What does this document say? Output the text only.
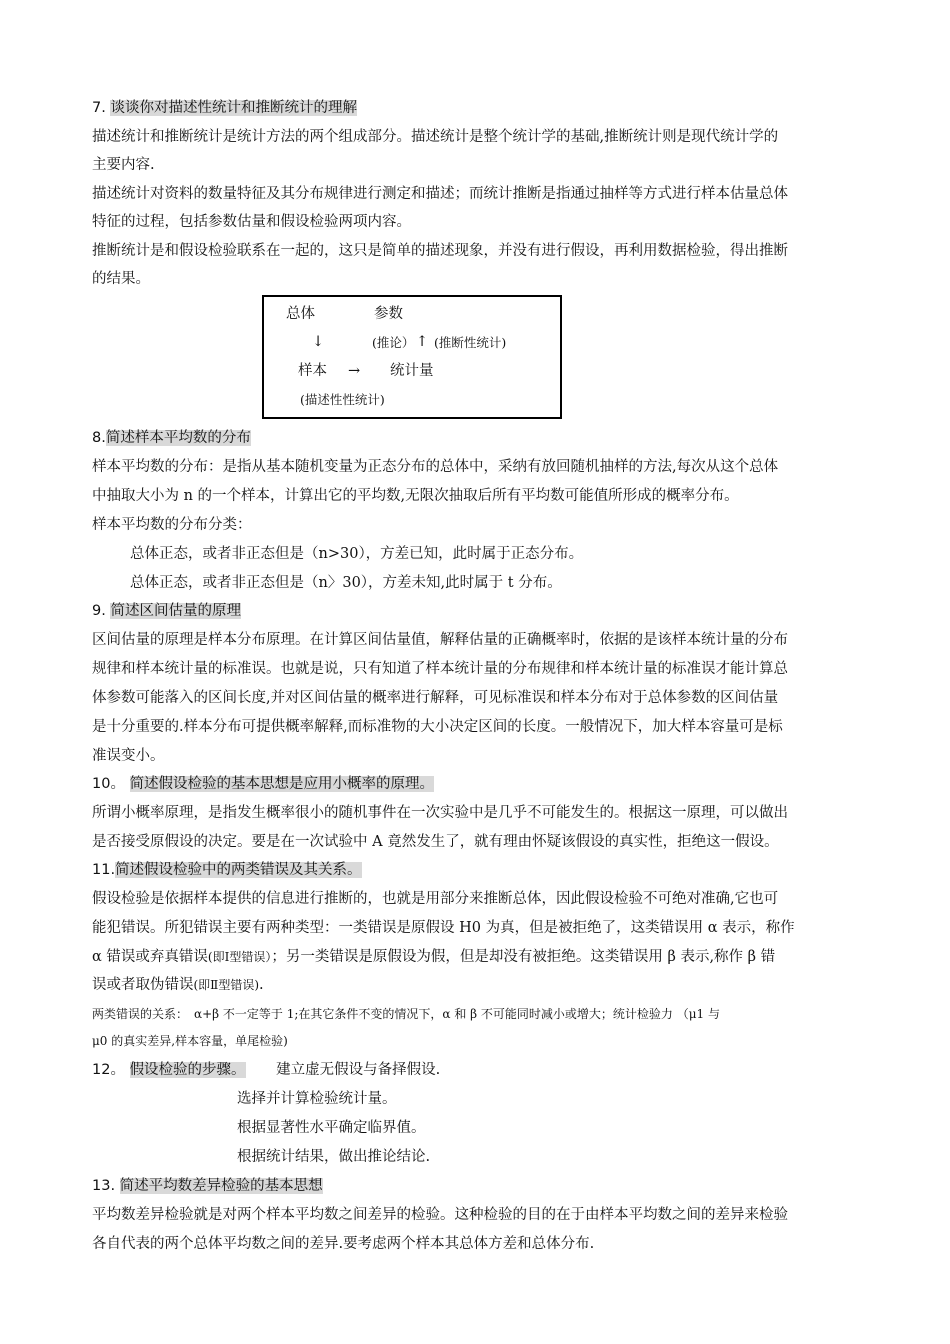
7. 谈谈你对描述性统计和推断统计的理解
描述统计和推断统计是统计方法的两个组成部分。描述统计是整个统计学的基础,推断统计则是现代统计学的
主要内容.
描述统计对资料的数量特征及其分布规律进行测定和描述；而统计推断是指通过抽样等方式进行样本估量总体
特征的过程，包括参数估量和假设检验两项内容。
推断统计是和假设检验联系在一起的，这只是简单的描述现象，并没有进行假设，再利用数据检验，得出推断
的结果。
总体	参数
↓	(推论） ↑ (推断性统计)
样本 → 统计量
(描述性性统计)
8.简述样本平均数的分布
样本平均数的分布：是指从基本随机变量为正态分布的总体中，采纳有放回随机抽样的方法,每次从这个总体
中抽取大小为 n 的一个样本，计算出它的平均数,无限次抽取后所有平均数可能值所形成的概率分布。
样本平均数的分布分类：
总体正态，或者非正态但是（n>30），方差已知，此时属于正态分布。
总体正态，或者非正态但是（n〉30），方差未知,此时属于 t 分布。
9. 简述区间估量的原理
区间估量的原理是样本分布原理。在计算区间估量值，解释估量的正确概率时，依据的是该样本统计量的分布
规律和样本统计量的标准误。也就是说，只有知道了样本统计量的分布规律和样本统计量的标准误才能计算总
体参数可能落入的区间长度,并对区间估量的概率进行解释，可见标准误和样本分布对于总体参数的区间估量
是十分重要的.样本分布可提供概率解释,而标准物的大小决定区间的长度。一般情况下，加大样本容量可是标
准误变小。
10。 简述假设检验的基本思想是应用小概率的原理。
所谓小概率原理，是指发生概率很小的随机事件在一次实验中是几乎不可能发生的。根据这一原理，可以做出
是否接受原假设的决定。要是在一次试验中 A 竟然发生了，就有理由怀疑该假设的真实性，拒绝这一假设。
11.简述假设检验中的两类错误及其关系。
假设检验是依据样本提供的信息进行推断的，也就是用部分来推断总体，因此假设检验不可绝对准确,它也可
能犯错误。所犯错误主要有两种类型：一类错误是原假设 H0 为真，但是被拒绝了，这类错误用 α 表示，称作
α 错误或弃真错误(即Ⅰ型错误）；另一类错误是原假设为假，但是却没有被拒绝。这类错误用 β 表示,称作 β 错
误或者取伪错误(即Ⅱ型错误).
两类错误的关系：　α+β 不一定等于 1;在其它条件不变的情况下，α 和 β 不可能同时减小或增大；统计检验力 （μ1 与
μ0 的真实差异,样本容量，单尾检验)
12。 假设检验的步骤。 建立虚无假设与备择假设.
选择并计算检验统计量。
根据显著性水平确定临界值。
根据统计结果，做出推论结论.
13. 简述平均数差异检验的基本思想
平均数差异检验就是对两个样本平均数之间差异的检验。这种检验的目的在于由样本平均数之间的差异来检验
各自代表的两个总体平均数之间的差异.要考虑两个样本其总体方差和总体分布.
